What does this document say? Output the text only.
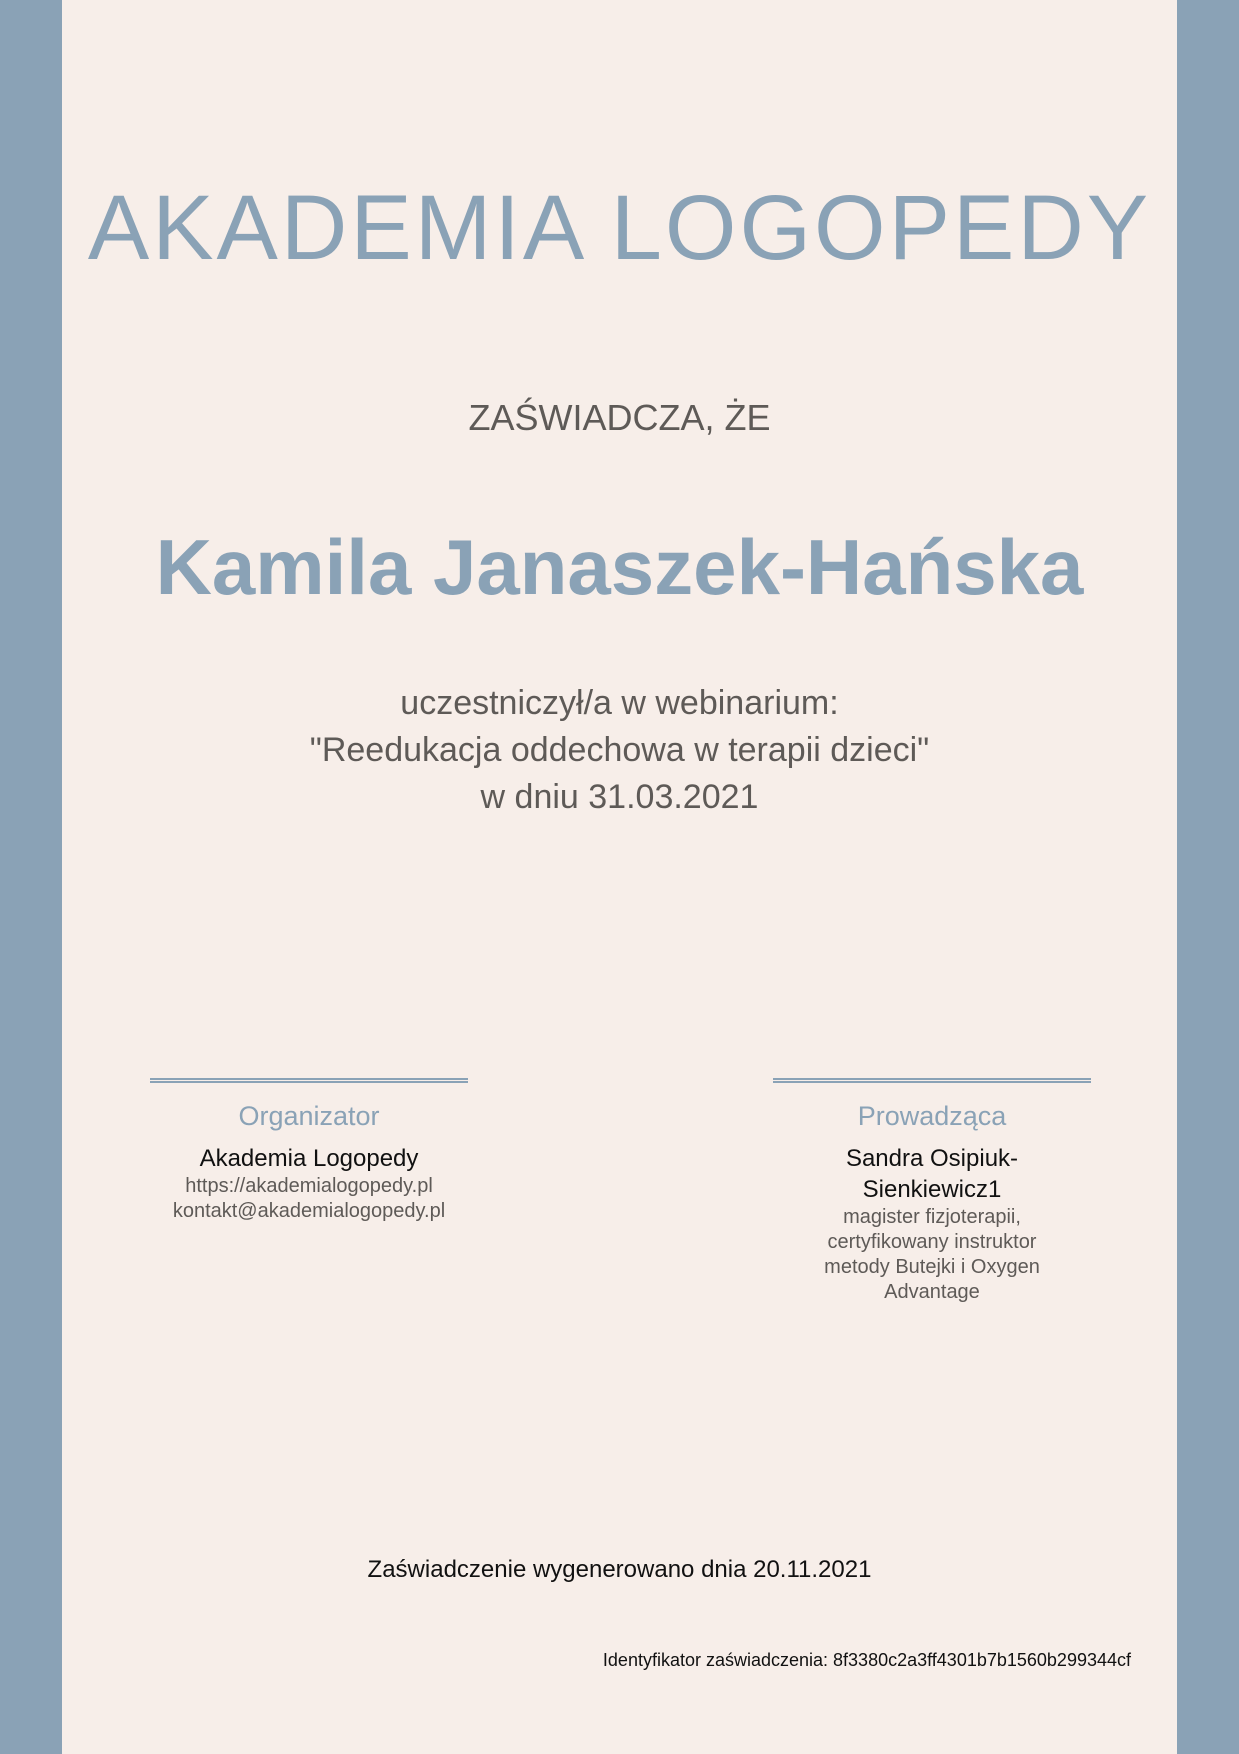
AKADEMIA LOGOPEDY
ZAŚWIADCZA, ŻE
Kamila Janaszek-Hańska
uczestniczył/a w webinarium:
"Reedukacja oddechowa w terapii dzieci"
w dniu 31.03.2021
Organizator
Akademia Logopedy
https://akademialogopedy.pl
kontakt@akademialogopedy.pl
Prowadząca
Sandra Osipiuk-Sienkiewicz1
magister fizjoterapii, certyfikowany instruktor metody Butejki i Oxygen Advantage
Zaświadczenie wygenerowano dnia 20.11.2021
Identyfikator zaświadczenia: 8f3380c2a3ff4301b7b1560b299344cf
